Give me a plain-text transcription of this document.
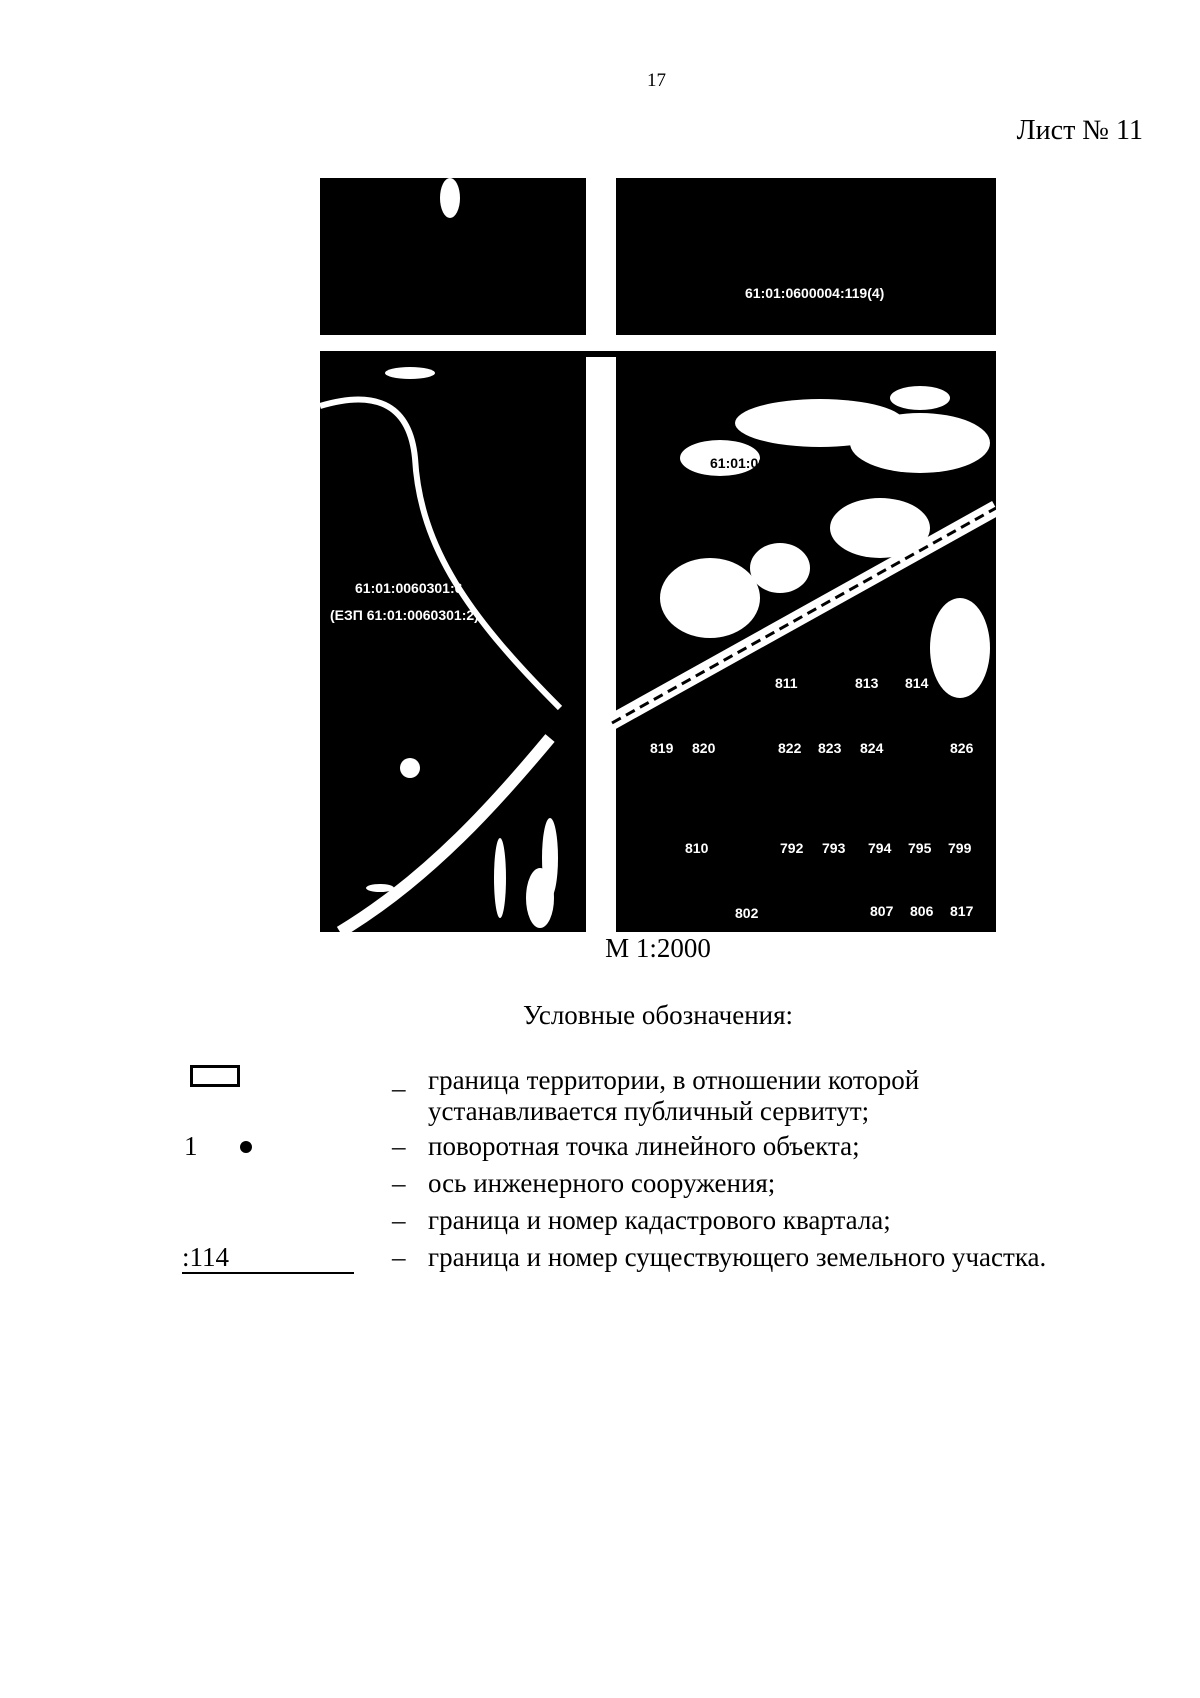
17
Лист № 11
61:01:0600004:119(4)
61:01:0060301:6
(ЕЗП 61:01:0060301:2)
61:01:0060301:6
(ЕЗП 61:01:0060301:2)
811	813 814
819 820	822 823 824	826
810	792 793 794 795 799
802	807 806 817
М 1:2000
Условные обозначения:
– граница территории, в отношении которой
устанавливается публичный сервитут;
1	– поворотная точка линейного объекта;
– ось инженерного сооружения;
– граница и номер кадастрового квартала;
:114	– граница и номер существующего земельного участка.
